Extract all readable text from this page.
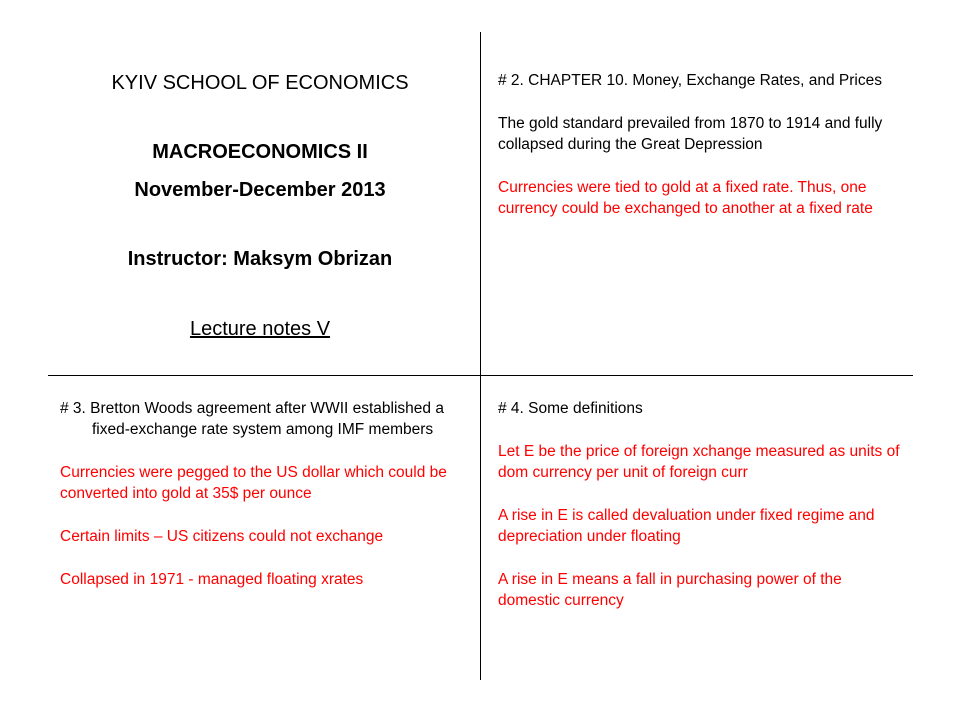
KYIV SCHOOL OF ECONOMICS
MACROECONOMICS II
November-December 2013
Instructor: Maksym Obrizan
Lecture notes V

# 2. CHAPTER 10. Money, Exchange Rates, and Prices

The gold standard prevailed from 1870 to 1914 and fully collapsed during the Great Depression

Currencies were tied to gold at a fixed rate. Thus, one currency could be exchanged to another at a fixed rate

# 3. Bretton Woods agreement after WWII established a fixed-exchange rate system among IMF members

Currencies were pegged to the US dollar which could be converted into gold at 35$ per ounce

Certain limits – US citizens could not exchange

Collapsed in 1971 - managed floating xrates

# 4. Some definitions

Let E be the price of foreign xchange measured as units of dom currency per unit of foreign curr

A rise in E is called devaluation under fixed regime and depreciation under floating

A rise in E means a fall in purchasing power of the domestic currency
